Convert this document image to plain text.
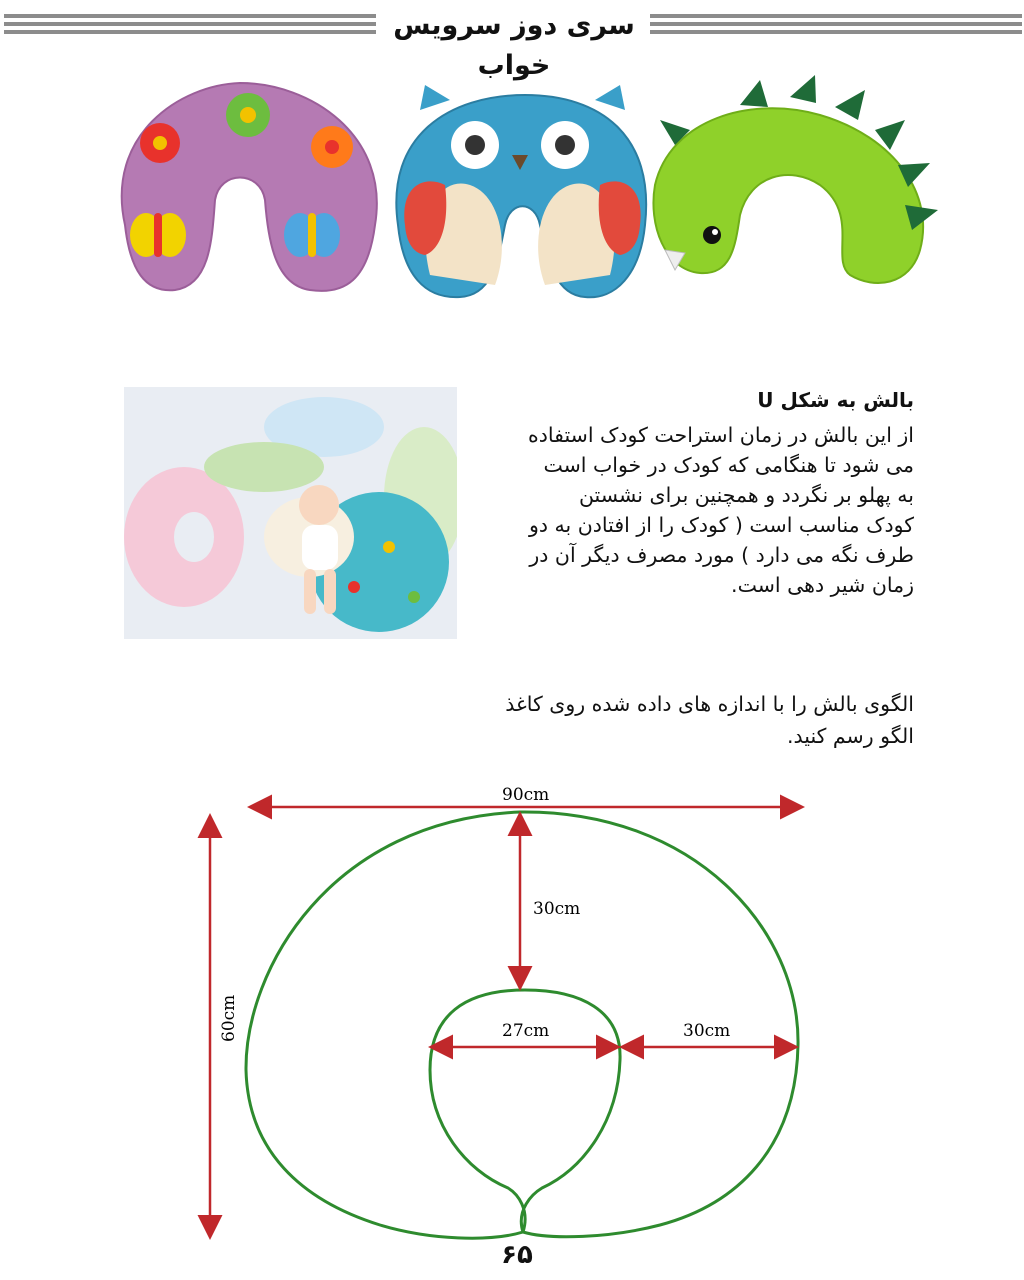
سری دوز سرویس خواب
بالش به شکل U

از این بالش در زمان استراحت کودک استفاده

می شود تا هنگامی که کودک در خواب است

به پهلو بر نگردد و همچنین برای نشستن

کودک مناسب است ( کودک را از افتادن به دو

طرف نگه می دارد ) مورد مصرف دیگر آن در

زمان شیر دهی است.

الگوی بالش را با اندازه های داده شده روی کاغذ

الگو رسم کنید.

90cm
60cm
30cm
27cm	30cm
۶۵
